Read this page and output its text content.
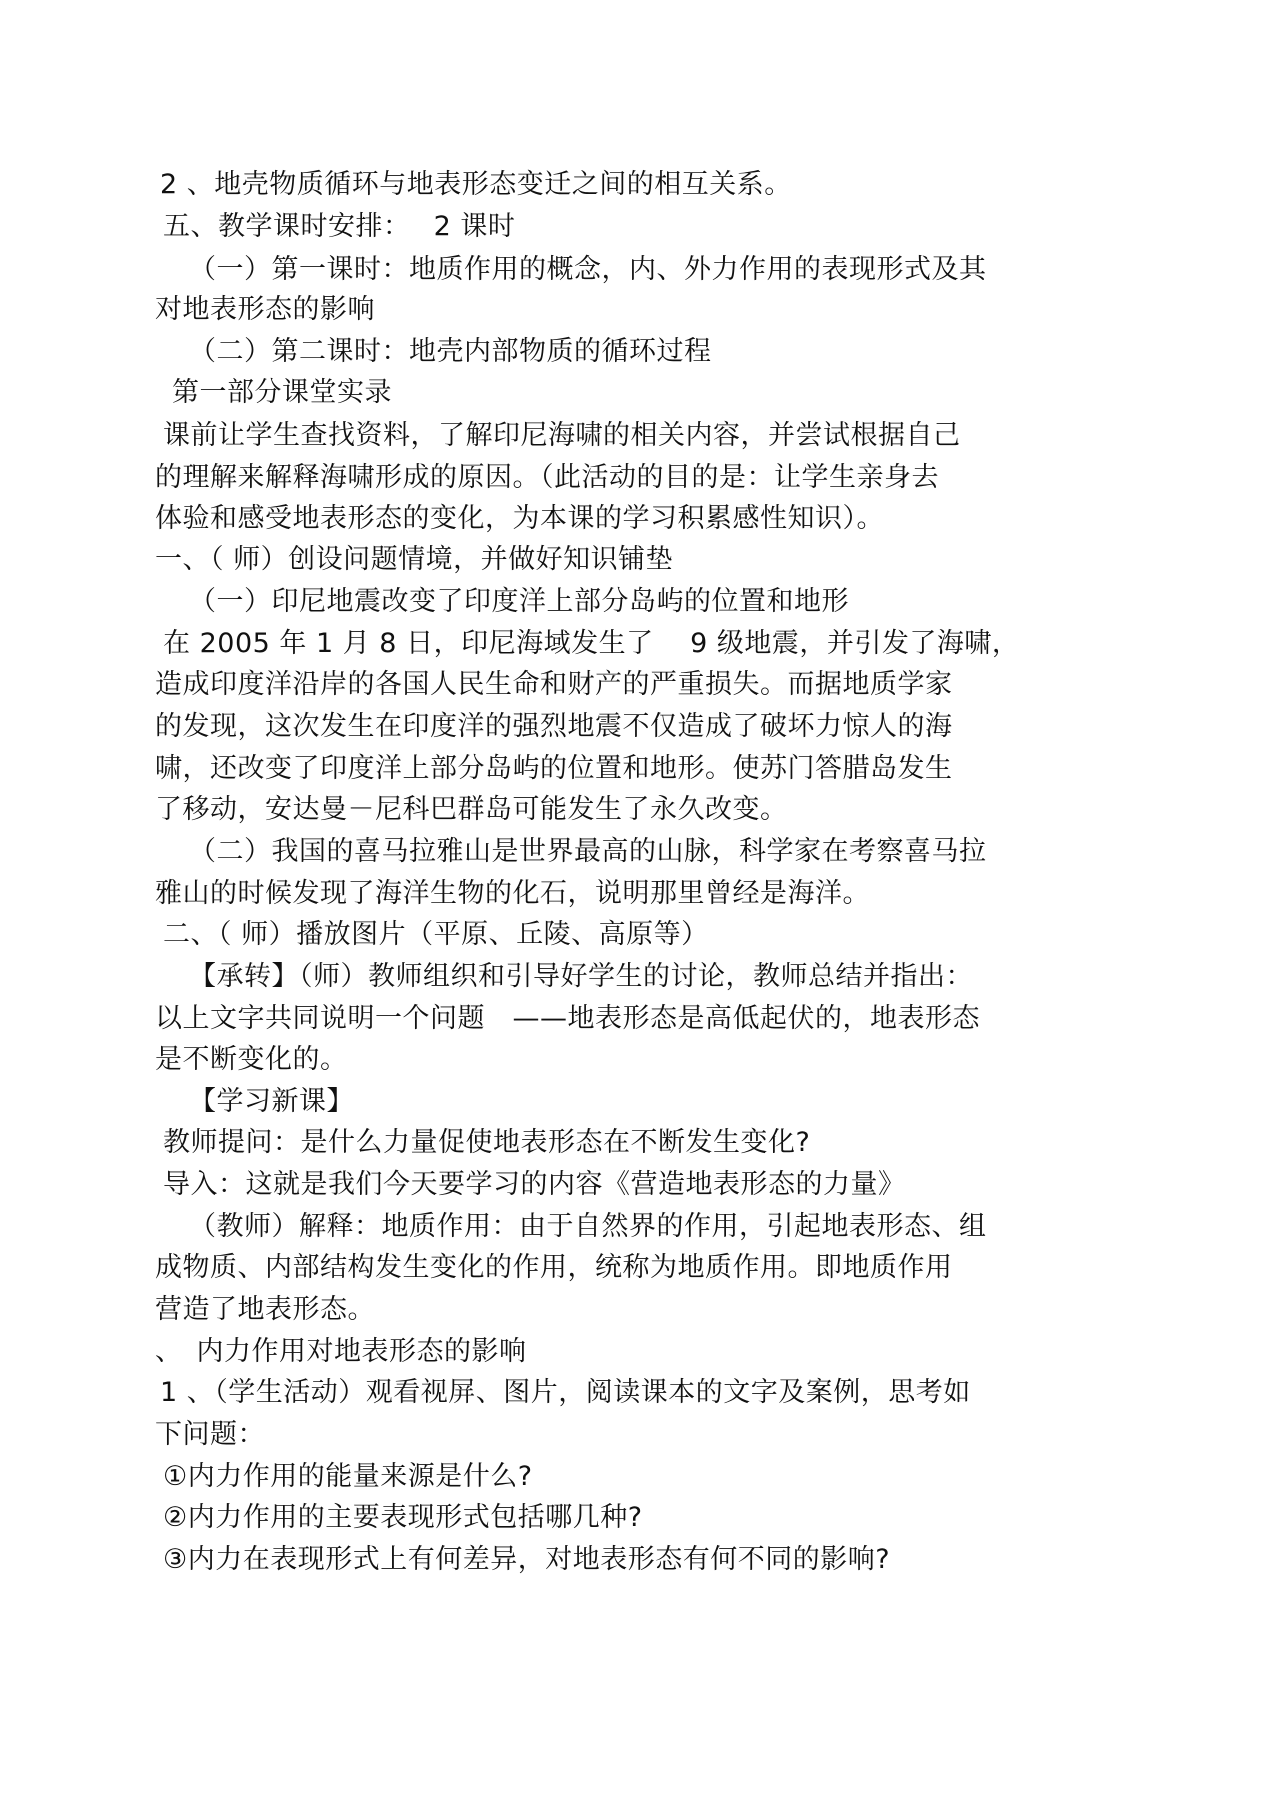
2 、地壳物质循环与地表形态变迁之间的相互关系。
五、教学课时安排：　 2 课时
（一）第一课时：地质作用的概念，内、外力作用的表现形式及其
对地表形态的影响
（二）第二课时：地壳内部物质的循环过程
第一部分课堂实录
课前让学生查找资料，了解印尼海啸的相关内容，并尝试根据自己
的理解来解释海啸形成的原因。（此活动的目的是：让学生亲身去
体验和感受地表形态的变化，为本课的学习积累感性知识）。
一、（ 师）创设问题情境，并做好知识铺垫
（一）印尼地震改变了印度洋上部分岛屿的位置和地形
在 2005 年 1 月 8 日，印尼海域发生了　 9 级地震，并引发了海啸，
造成印度洋沿岸的各国人民生命和财产的严重损失。而据地质学家
的发现，这次发生在印度洋的强烈地震不仅造成了破坏力惊人的海
啸，还改变了印度洋上部分岛屿的位置和地形。使苏门答腊岛发生
了移动，安达曼－尼科巴群岛可能发生了永久改变。
（二）我国的喜马拉雅山是世界最高的山脉，科学家在考察喜马拉
雅山的时候发现了海洋生物的化石，说明那里曾经是海洋。
二、（ 师）播放图片（平原、丘陵、高原等）
【承转】（师）教师组织和引导好学生的讨论，教师总结并指出：
以上文字共同说明一个问题　——地表形态是高低起伏的，地表形态
是不断变化的。
【学习新课】
教师提问：是什么力量促使地表形态在不断发生变化?
导入：这就是我们今天要学习的内容《营造地表形态的力量》
（教师）解释：地质作用：由于自然界的作用，引起地表形态、组
成物质、内部结构发生变化的作用，统称为地质作用。即地质作用
营造了地表形态。
、　内力作用对地表形态的影响
1 、（学生活动）观看视屏、图片，阅读课本的文字及案例，思考如
下问题：
①内力作用的能量来源是什么?
②内力作用的主要表现形式包括哪几种?
③内力在表现形式上有何差异，对地表形态有何不同的影响?
